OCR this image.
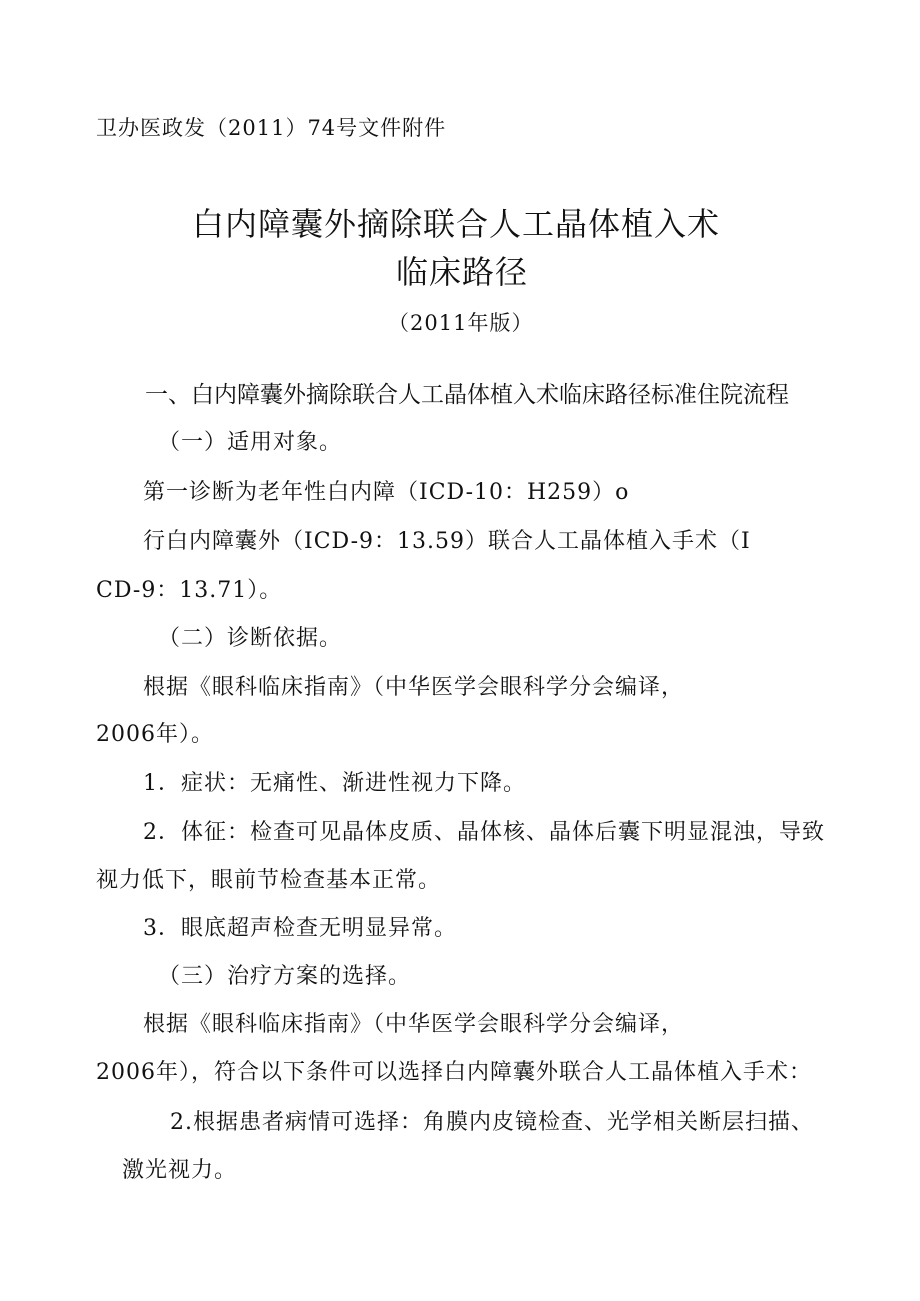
卫办医政发（2011）74号文件附件
白内障囊外摘除联合人工晶体植入术
临床路径
（2011年版）
一、白内障囊外摘除联合人工晶体植入术临床路径标准住院流程
（一）适用对象。
第一诊断为老年性白内障（ICD-10：H259）o
行白内障囊外（ICD-9：13.59）联合人工晶体植入手术（I
CD-9：13.71）。
（二）诊断依据。
根据《眼科临床指南》（中华医学会眼科学分会编译，
2006年）。
1．症状：无痛性、渐进性视力下降。
2．体征：检查可见晶体皮质、晶体核、晶体后囊下明显混浊，导致
视力低下，眼前节检查基本正常。
3．眼底超声检查无明显异常。
（三）治疗方案的选择。
根据《眼科临床指南》（中华医学会眼科学分会编译，
2006年），符合以下条件可以选择白内障囊外联合人工晶体植入手术：
2.根据患者病情可选择：角膜内皮镜检查、光学相关断层扫描、
激光视力。
